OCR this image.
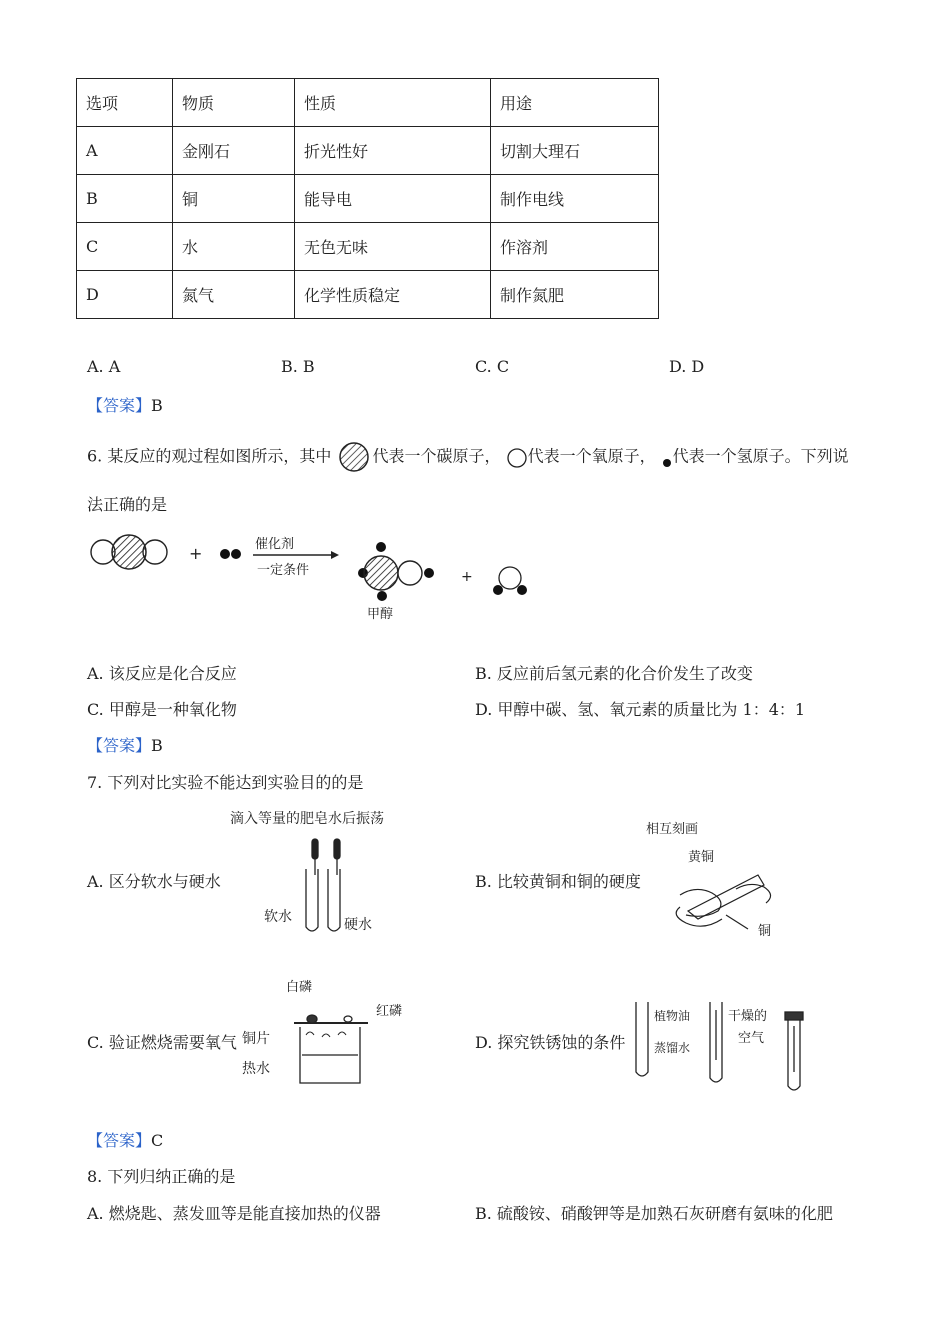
选项	物质	性质	用途
A	金刚石	折光性好	切割大理石
B	铜	能导电	制作电线
C	水	无色无味	作溶剂
D	氮气	化学性质稳定	制作氮肥
A. A	B. B	C. C	D. D
【答案】B
6. 某反应的观过程如图所示，其中	代表一个碳原子， 代表一个氧原子， 代表一个氢原子。下列说
法正确的是
+	催化剂
一定条件
甲醇
+
A. 该反应是化合反应	B. 反应前后氢元素的化合价发生了改变
C. 甲醇是一种氧化物	D. 甲醇中碳、氢、氧元素的质量比为 1：4：1
【答案】B
7. 下列对比实验不能达到实验目的的是
A. 区分软水与硬水
滴入等量的肥皂水后振荡
软水	硬水
B. 比较黄铜和铜的硬度
相互刻画
黄铜
铜
C. 验证燃烧需要氧气
白磷
红磷
铜片
热水
D. 探究铁锈蚀的条件
植物油
蒸馏水
干燥的
空气
【答案】C
8. 下列归纳正确的是
A. 燃烧匙、蒸发皿等是能直接加热的仪器	B. 硫酸铵、硝酸钾等是加熟石灰研磨有氨味的化肥
